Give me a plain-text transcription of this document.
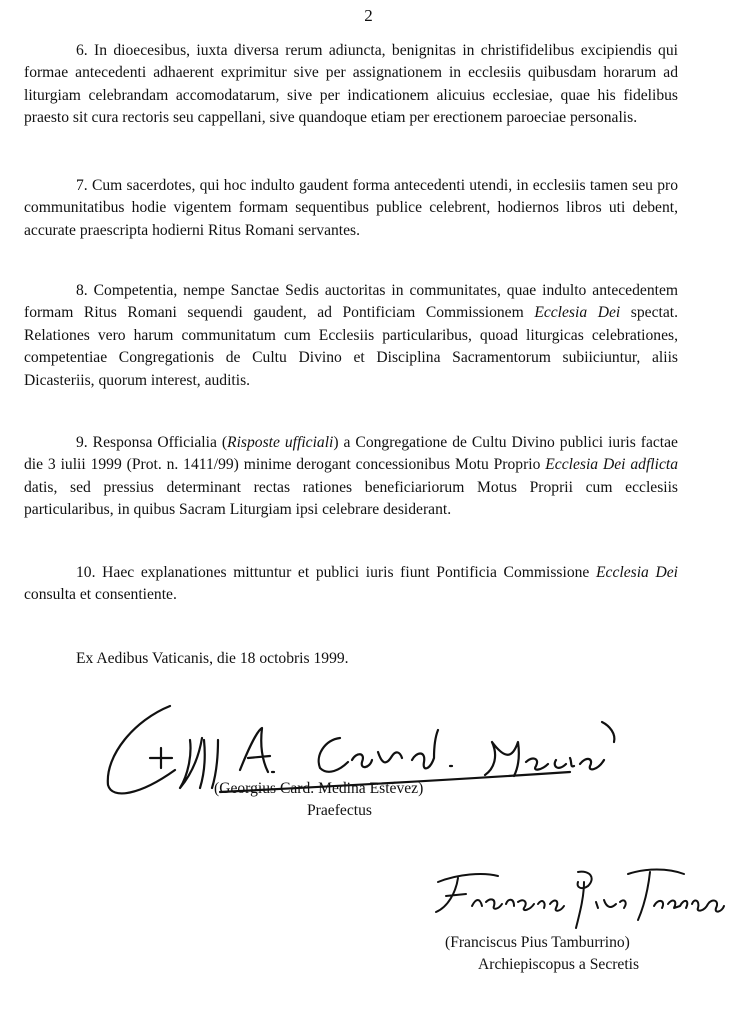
2

6. In dioecesibus, iuxta diversa rerum adiuncta, benignitas in christifidelibus excipiendis qui formae antecedenti adhaerent exprimitur sive per assignationem in ecclesiis quibusdam horarum ad liturgiam celebrandam accomodatarum, sive per indicationem alicuius ecclesiae, quae his fidelibus praesto sit cura rectoris seu cappellani, sive quandoque etiam per erectionem paroeciae personalis.

7. Cum sacerdotes, qui hoc indulto gaudent forma antecedenti utendi, in ecclesiis tamen seu pro communitatibus hodie vigentem formam sequentibus publice celebrent, hodiernos libros uti debent, accurate praescripta hodierni Ritus Romani servantes.

8. Competentia, nempe Sanctae Sedis auctoritas in communitates, quae indulto antecedentem formam Ritus Romani sequendi gaudent, ad Pontificiam Commissionem Ecclesia Dei spectat. Relationes vero harum communitatum cum Ecclesiis particularibus, quoad liturgicas celebrationes, competentiae Congregationis de Cultu Divino et Disciplina Sacramentorum subiiciuntur, aliis Dicasteriis, quorum interest, auditis.

9. Responsa Officialia (Risposte ufficiali) a Congregatione de Cultu Divino publici iuris factae die 3 iulii 1999 (Prot. n. 1411/99) minime derogant concessionibus Motu Proprio Ecclesia Dei adflicta datis, sed pressius determinant rectas rationes beneficiariorum Motus Proprii cum ecclesiis particularibus, in quibus Sacram Liturgiam ipsi celebrare desiderant.

10. Haec explanationes mittuntur et publici iuris fiunt Pontificia Commissione Ecclesia Dei consulta et consentiente.

Ex Aedibus Vaticanis, die 18 octobris 1999.
(Georgius Card. Medina Estévez)
Praefectus
(Franciscus Pius Tamburrino)
Archiepiscopus a Secretis
